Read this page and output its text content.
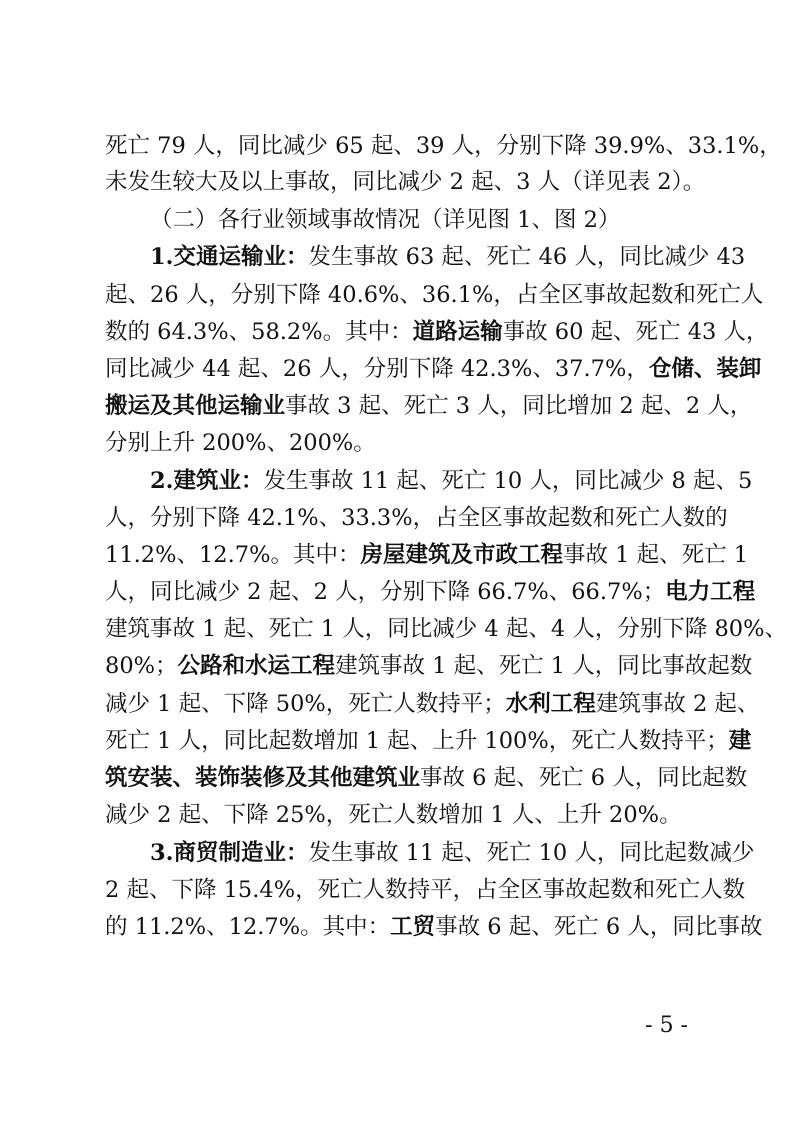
死亡 79 人，同比减少 65 起、39 人，分别下降 39.9%、33.1%，
未发生较大及以上事故，同比减少 2 起、3 人（详见表 2）。
（二）各行业领域事故情况（详见图 1、图 2）
1.交通运输业：发生事故 63 起、死亡 46 人，同比减少 43
起、26 人，分别下降 40.6%、36.1%，占全区事故起数和死亡人
数的 64.3%、58.2%。其中：道路运输事故 60 起、死亡 43 人，
同比减少 44 起、26 人，分别下降 42.3%、37.7%，仓储、装卸
搬运及其他运输业事故 3 起、死亡 3 人，同比增加 2 起、2 人，
分别上升 200%、200%。
2.建筑业：发生事故 11 起、死亡 10 人，同比减少 8 起、5
人，分别下降 42.1%、33.3%，占全区事故起数和死亡人数的
11.2%、12.7%。其中：房屋建筑及市政工程事故 1 起、死亡 1
人，同比减少 2 起、2 人，分别下降 66.7%、66.7%；电力工程
建筑事故 1 起、死亡 1 人，同比减少 4 起、4 人，分别下降 80%、
80%；公路和水运工程建筑事故 1 起、死亡 1 人，同比事故起数
减少 1 起、下降 50%，死亡人数持平；水利工程建筑事故 2 起、
死亡 1 人，同比起数增加 1 起、上升 100%，死亡人数持平；建
筑安装、装饰装修及其他建筑业事故 6 起、死亡 6 人，同比起数
减少 2 起、下降 25%，死亡人数增加 1 人、上升 20%。
3.商贸制造业：发生事故 11 起、死亡 10 人，同比起数减少
2 起、下降 15.4%，死亡人数持平，占全区事故起数和死亡人数
的 11.2%、12.7%。其中：工贸事故 6 起、死亡 6 人，同比事故
- 5 -
